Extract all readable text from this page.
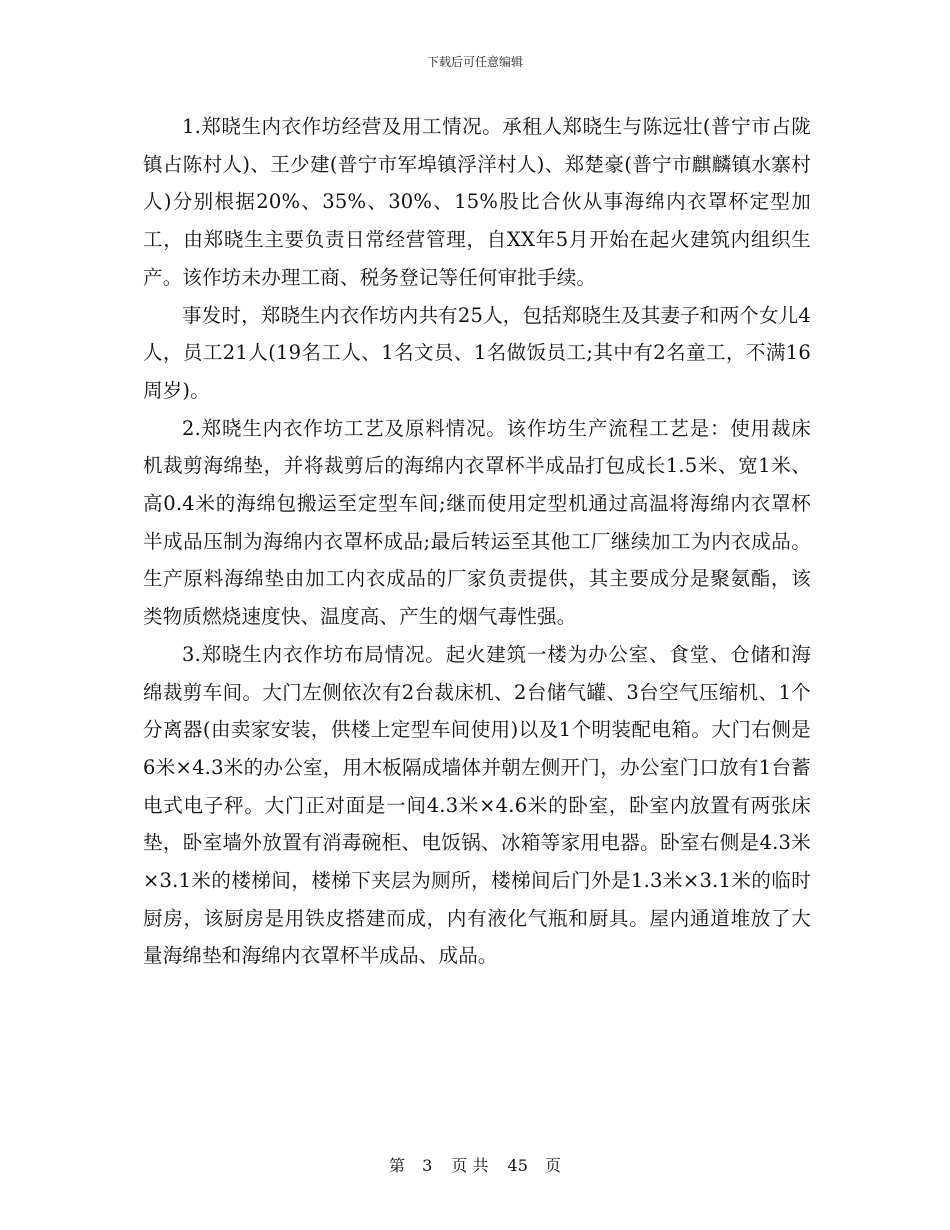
下载后可任意编辑

1.郑晓生内衣作坊经营及用工情况。承租人郑晓生与陈远壮(普宁市占陇镇占陈村人)、王少建(普宁市军埠镇浮洋村人)、郑楚豪(普宁市麒麟镇水寨村人)分别根据20%、35%、30%、15%股比合伙从事海绵内衣罩杯定型加工，由郑晓生主要负责日常经营管理，自XX年5月开始在起火建筑内组织生产。该作坊未办理工商、税务登记等任何审批手续。

事发时，郑晓生内衣作坊内共有25人，包括郑晓生及其妻子和两个女儿4人，员工21人(19名工人、1名文员、1名做饭员工;其中有2名童工，不满16周岁)。

2.郑晓生内衣作坊工艺及原料情况。该作坊生产流程工艺是：使用裁床机裁剪海绵垫，并将裁剪后的海绵内衣罩杯半成品打包成长1.5米、宽1米、高0.4米的海绵包搬运至定型车间;继而使用定型机通过高温将海绵内衣罩杯半成品压制为海绵内衣罩杯成品;最后转运至其他工厂继续加工为内衣成品。生产原料海绵垫由加工内衣成品的厂家负责提供，其主要成分是聚氨酯，该类物质燃烧速度快、温度高、产生的烟气毒性强。

3.郑晓生内衣作坊布局情况。起火建筑一楼为办公室、食堂、仓储和海绵裁剪车间。大门左侧依次有2台裁床机、2台储气罐、3台空气压缩机、1个分离器(由卖家安装，供楼上定型车间使用)以及1个明装配电箱。大门右侧是6米×4.3米的办公室，用木板隔成墙体并朝左侧开门，办公室门口放有1台蓄电式电子秤。大门正对面是一间4.3米×4.6米的卧室，卧室内放置有两张床垫，卧室墙外放置有消毒碗柜、电饭锅、冰箱等家用电器。卧室右侧是4.3米×3.1米的楼梯间，楼梯下夹层为厕所，楼梯间后门外是1.3米×3.1米的临时厨房，该厨房是用铁皮搭建而成，内有液化气瓶和厨具。屋内通道堆放了大量海绵垫和海绵内衣罩杯半成品、成品。

第 3 页 共 45 页
